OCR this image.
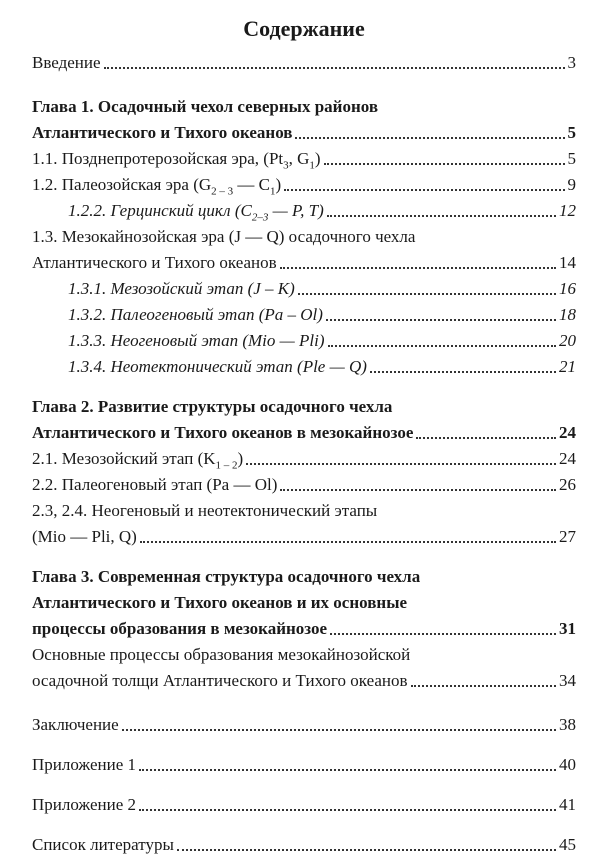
Содержание
Введение	3
Глава 1. Осадочный чехол северных районов
Атлантического и Тихого океанов	5
1.1. Позднепротерозойская эра, ($Pt_3$, $G_1$)	5
1.2. Палеозойская эра ($G_{2 - 3}$ — $C_1$)	9
1.2.2. Герцинский цикл ($C_{2-3}$ — P, T)	12
1.3. Мезокайнозойская эра (J — Q) осадочного чехла
Атлантического и Тихого океанов	14
1.3.1. Мезозойский этап (J – K)	16
1.3.2. Палеогеновый этап (Pa – Ol)	18
1.3.3. Неогеновый этап (Mio — Pli)	20
1.3.4. Неотектонический этап (Ple — Q)	21
Глава 2. Развитие структуры осадочного чехла
Атлантического и Тихого океанов в мезокайнозое	24
2.1. Мезозойский этап $(K_{1 - 2})$	24
2.2. Палеогеновый этап (Pa — Ol)	26
2.3, 2.4. Неогеновый и неотектонический этапы
(Mio — Pli, Q)	27
Глава 3. Современная структура осадочного чехла
Атлантического и Тихого океанов и их основные
процессы образования в мезокайнозое	31
Основные процессы образования мезокайнозойской
осадочной толщи Атлантического и Тихого океанов	34
Заключение	38
Приложение 1	40
Приложение 2	41
Список литературы	45
